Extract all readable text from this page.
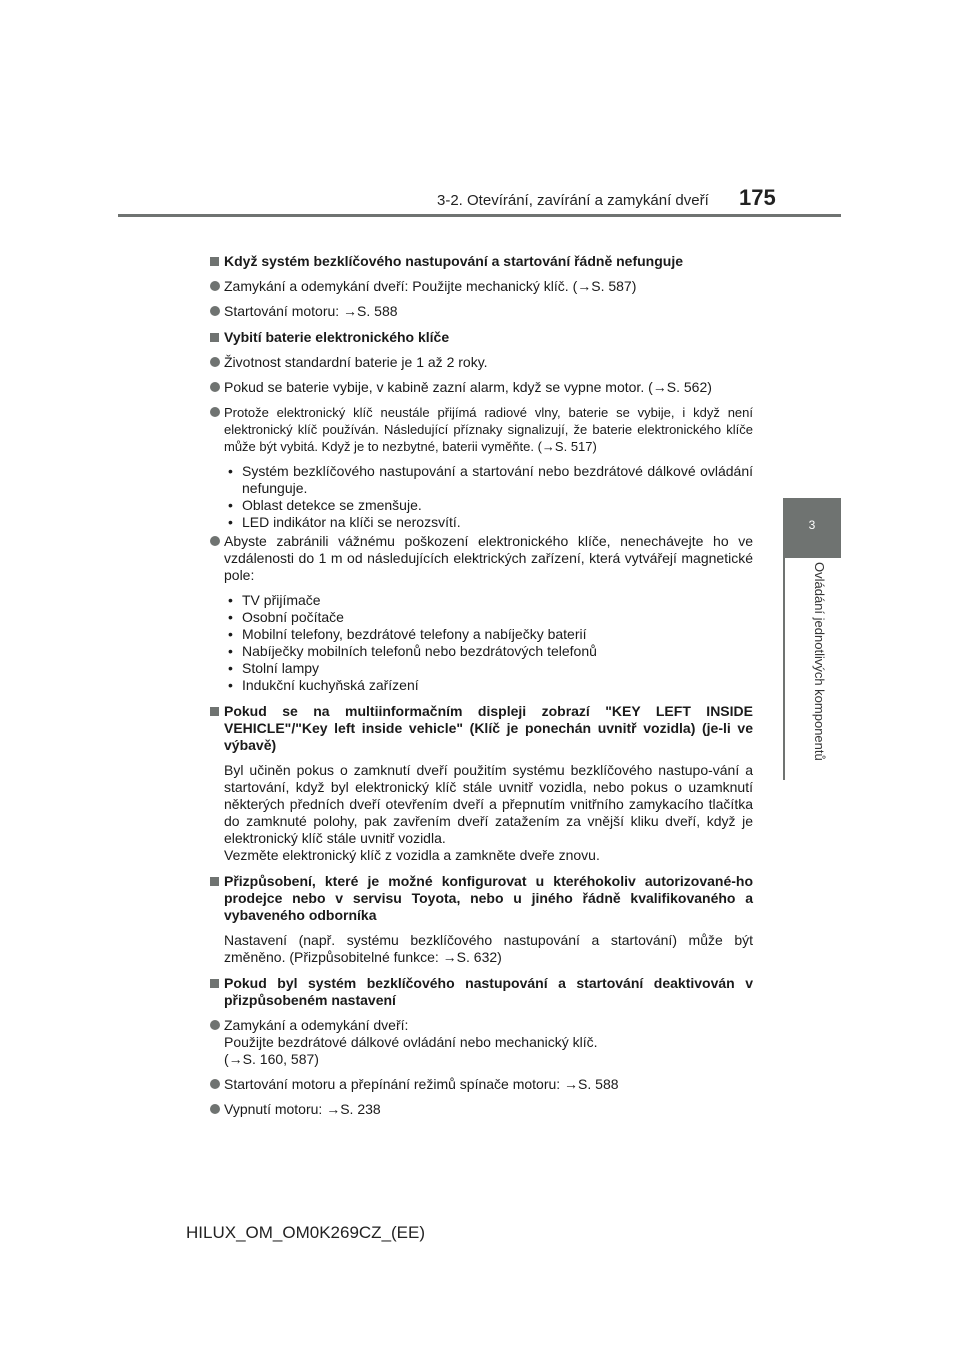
3-2. Otevírání, zavírání a zamykání dveří 175
3
Ovládání jednotlivých komponentů
Když systém bezklíčového nastupování a startování řádně nefunguje
Zamykání a odemykání dveří: Použijte mechanický klíč. (→S. 587)
Startování motoru: →S. 588
Vybití baterie elektronického klíče
Životnost standardní baterie je 1 až 2 roky.
Pokud se baterie vybije, v kabině zazní alarm, když se vypne motor. (→S. 562)
Protože elektronický klíč neustále přijímá radiové vlny, baterie se vybije, i když není elektronický klíč používán. Následující příznaky signalizují, že baterie elektronického klíče může být vybitá. Když je to nezbytné, baterii vyměňte. (→S. 517)
• Systém bezklíčového nastupování a startování nebo bezdrátové dálkové ovládání nefunguje.
• Oblast detekce se zmenšuje.
• LED indikátor na klíči se nerozsvítí.
Abyste zabránili vážnému poškození elektronického klíče, nenechávejte ho ve vzdálenosti do 1 m od následujících elektrických zařízení, která vytvářejí magnetické pole:
• TV přijímače
• Osobní počítače
• Mobilní telefony, bezdrátové telefony a nabíječky baterií
• Nabíječky mobilních telefonů nebo bezdrátových telefonů
• Stolní lampy
• Indukční kuchyňská zařízení
Pokud se na multiinformačním displeji zobrazí "KEY LEFT INSIDE VEHICLE"/"Key left inside vehicle" (Klíč je ponechán uvnitř vozidla) (je-li ve výbavě)
Byl učiněn pokus o zamknutí dveří použitím systému bezklíčového nastupo-vání a startování, když byl elektronický klíč stále uvnitř vozidla, nebo pokus o uzamknutí některých předních dveří otevřením dveří a přepnutím vnitřního zamykacího tlačítka do zamknuté polohy, pak zavřením dveří zatažením za vnější kliku dveří, když je elektronický klíč stále uvnitř vozidla.
Vezměte elektronický klíč z vozidla a zamkněte dveře znovu.
Přizpůsobení, které je možné konfigurovat u kteréhokoliv autorizované-ho prodejce nebo v servisu Toyota, nebo u jiného řádně kvalifikovaného a vybaveného odborníka
Nastavení (např. systému bezklíčového nastupování a startování) může být změněno. (Přizpůsobitelné funkce: →S. 632)
Pokud byl systém bezklíčového nastupování a startování deaktivován v přizpůsobeném nastavení
Zamykání a odemykání dveří:
Použijte bezdrátové dálkové ovládání nebo mechanický klíč.
(→S. 160, 587)
Startování motoru a přepínání režimů spínače motoru: →S. 588
Vypnutí motoru: →S. 238
HILUX_OM_OM0K269CZ_(EE)
